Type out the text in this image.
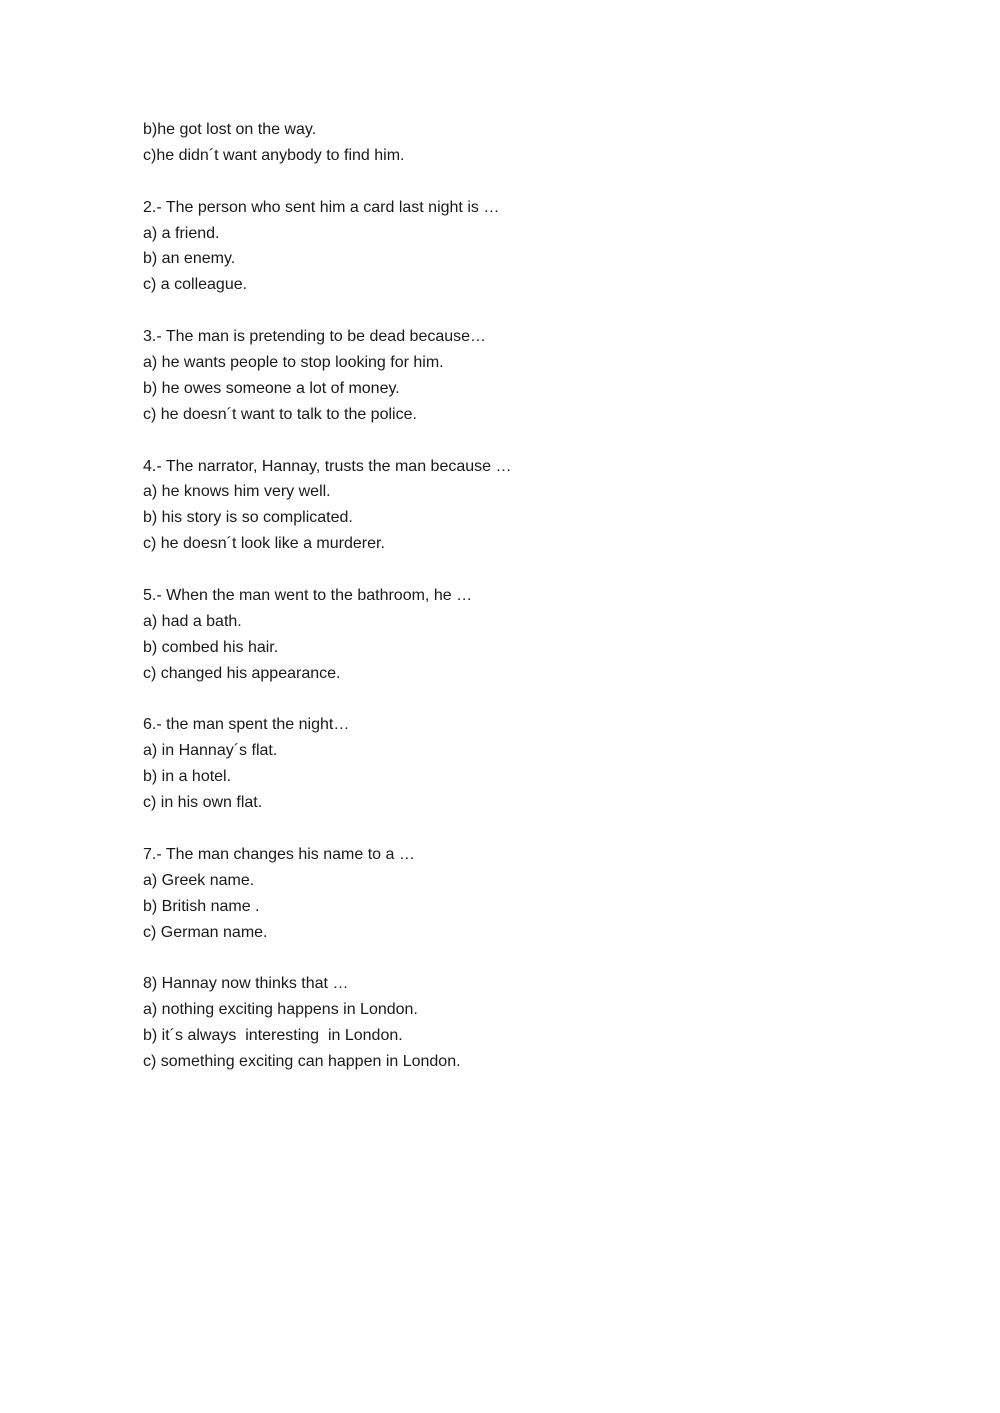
b)he got lost on the way.

c)he didn´t want anybody to find him.

2.- The person who sent him a card last night is …

a) a friend.

b) an enemy.

c) a colleague.

3.- The man is pretending to be dead because…

a) he wants people to stop looking for him.

b) he owes someone a lot of money.

c) he doesn´t want to talk to the police.

4.- The narrator, Hannay, trusts the man because …

a) he knows him very well.

b) his story is so complicated.

c) he doesn´t look like a murderer.

5.- When the man went to the bathroom, he …

a) had a bath.

b) combed his hair.

c) changed his appearance.

6.- the man spent the night…

a) in Hannay´s flat.

b) in a hotel.

c) in his own flat.

7.- The man changes his name to a …

a) Greek name.

b) British name .

c) German name.

8) Hannay now thinks that …

a) nothing exciting happens in London.

b) it´s always  interesting  in London.

c) something exciting can happen in London.
